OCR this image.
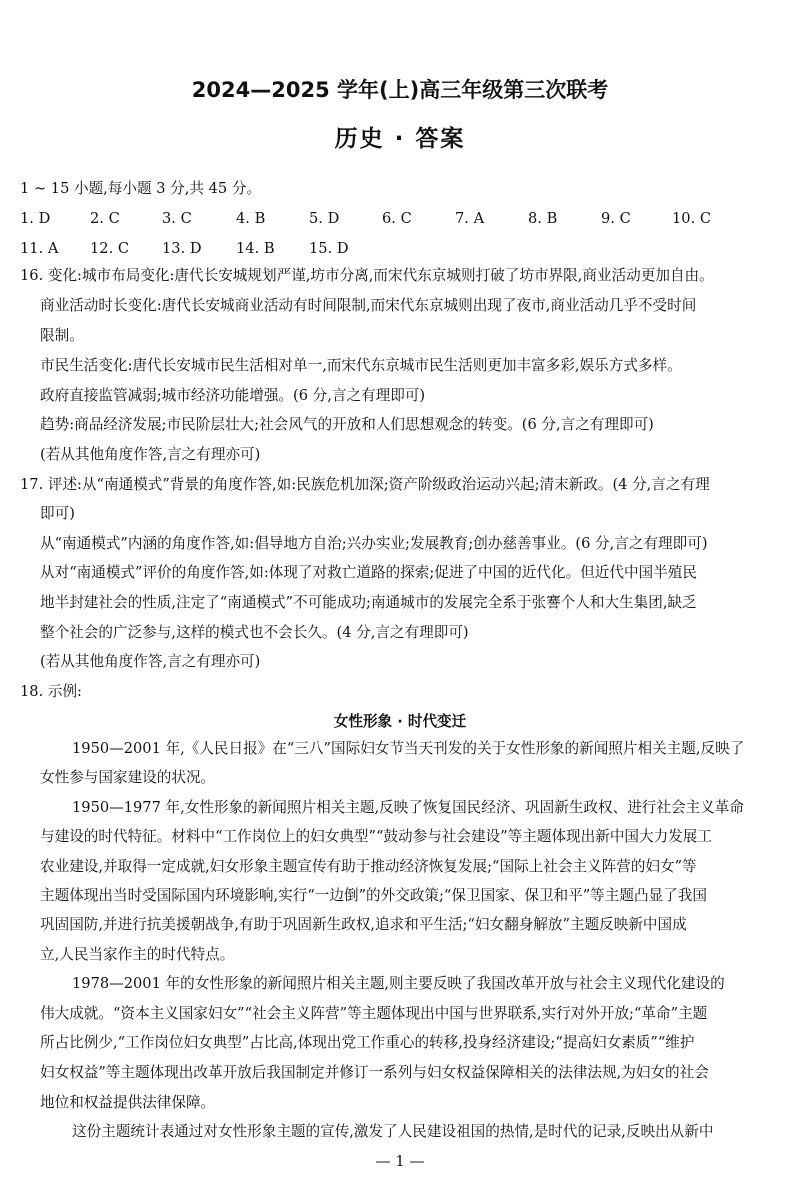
2024—2025 学年(上)高三年级第三次联考
历史 · 答案
1 ~ 15 小题,每小题 3 分,共 45 分。
1. D	2. C	3. C	4. B	5. D	6. C	7. A	8. B	9. C	10. C
11. A 12. C 13. D 14. B 15. D
16. 变化:城市布局变化:唐代长安城规划严谨,坊市分离,而宋代东京城则打破了坊市界限,商业活动更加自由。
商业活动时长变化:唐代长安城商业活动有时间限制,而宋代东京城则出现了夜市,商业活动几乎不受时间
限制。
市民生活变化:唐代长安城市民生活相对单一,而宋代东京城市民生活则更加丰富多彩,娱乐方式多样。
政府直接监管减弱;城市经济功能增强。(6 分,言之有理即可)
趋势:商品经济发展;市民阶层壮大;社会风气的开放和人们思想观念的转变。(6 分,言之有理即可)
(若从其他角度作答,言之有理亦可)
17. 评述:从“南通模式”背景的角度作答,如:民族危机加深;资产阶级政治运动兴起;清末新政。(4 分,言之有理
即可)
从“南通模式”内涵的角度作答,如:倡导地方自治;兴办实业;发展教育;创办慈善事业。(6 分,言之有理即可)
从对“南通模式”评价的角度作答,如:体现了对救亡道路的探索;促进了中国的近代化。但近代中国半殖民
地半封建社会的性质,注定了“南通模式”不可能成功;南通城市的发展完全系于张謇个人和大生集团,缺乏
整个社会的广泛参与,这样的模式也不会长久。(4 分,言之有理即可)
(若从其他角度作答,言之有理亦可)
18. 示例:
女性形象 · 时代变迁
1950—2001 年,《人民日报》在“三八”国际妇女节当天刊发的关于女性形象的新闻照片相关主题,反映了
女性参与国家建设的状况。
1950—1977 年,女性形象的新闻照片相关主题,反映了恢复国民经济、巩固新生政权、进行社会主义革命
与建设的时代特征。材料中“工作岗位上的妇女典型”“鼓动参与社会建设”等主题体现出新中国大力发展工
农业建设,并取得一定成就,妇女形象主题宣传有助于推动经济恢复发展;“国际上社会主义阵营的妇女”等
主题体现出当时受国际国内环境影响,实行“一边倒”的外交政策;“保卫国家、保卫和平”等主题凸显了我国
巩固国防,并进行抗美援朝战争,有助于巩固新生政权,追求和平生活;“妇女翻身解放”主题反映新中国成
立,人民当家作主的时代特点。
1978—2001 年的女性形象的新闻照片相关主题,则主要反映了我国改革开放与社会主义现代化建设的
伟大成就。“资本主义国家妇女”“社会主义阵营”等主题体现出中国与世界联系,实行对外开放;“革命”主题
所占比例少,“工作岗位妇女典型”占比高,体现出党工作重心的转移,投身经济建设;“提高妇女素质”“维护
妇女权益”等主题体现出改革开放后我国制定并修订一系列与妇女权益保障相关的法律法规,为妇女的社会
地位和权益提供法律保障。
这份主题统计表通过对女性形象主题的宣传,激发了人民建设祖国的热情,是时代的记录,反映出从新中
— 1 —
